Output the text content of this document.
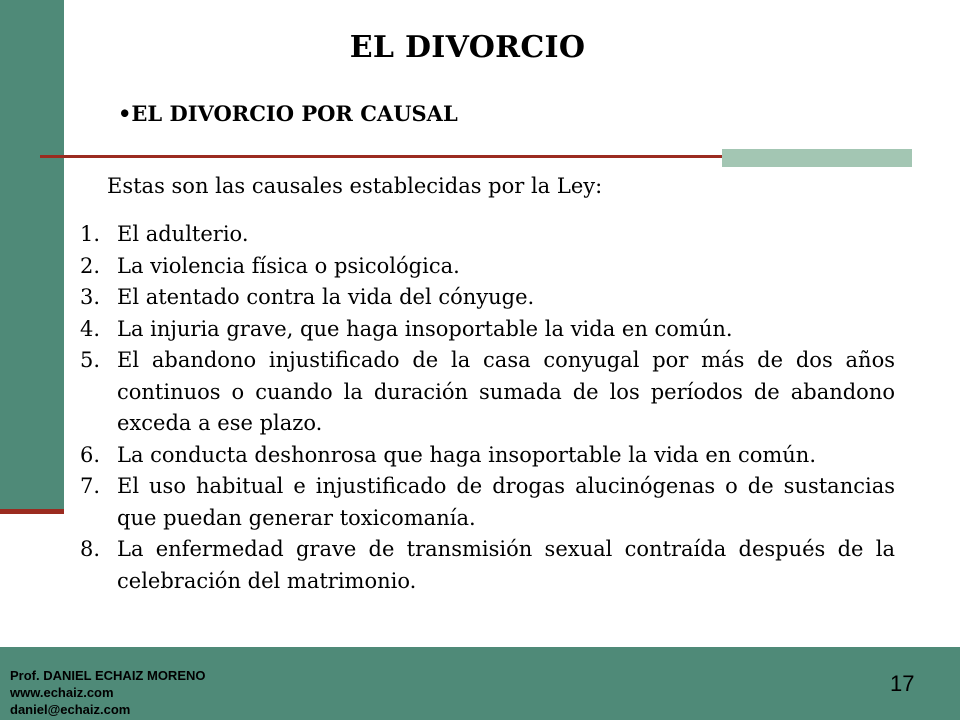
EL DIVORCIO
•EL DIVORCIO POR CAUSAL
Estas son las causales establecidas por la Ley:
1. El adulterio.
2. La violencia física o psicológica.
3. El atentado contra la vida del cónyuge.
4. La injuria grave, que haga insoportable la vida en común.
5. El abandono injustificado de la casa conyugal por más de dos años continuos o cuando la duración sumada de los períodos de abandono exceda a ese plazo.
6. La conducta deshonrosa que haga insoportable la vida en común.
7. El uso habitual e injustificado de drogas alucinógenas o de sustancias que puedan generar toxicomanía.
8. La enfermedad grave de transmisión sexual contraída después de la celebración del matrimonio.
Prof. DANIEL ECHAIZ MORENO
www.echaiz.com
daniel@echaiz.com
17
